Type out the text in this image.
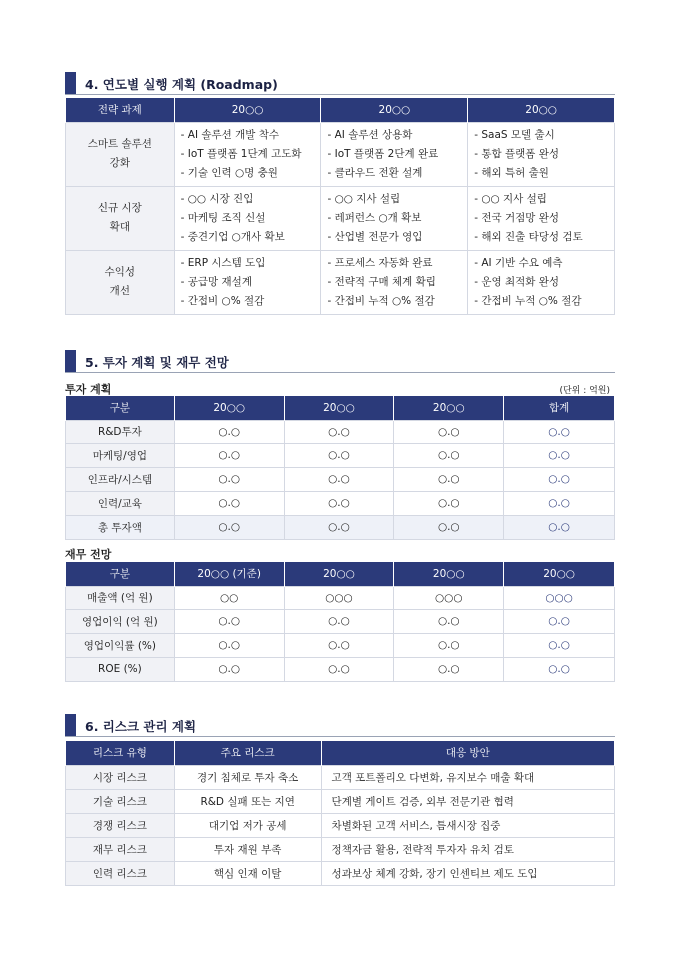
4. 연도별 실행 계획 (Roadmap)
전략 과제	20○○	20○○	20○○

스마트 솔루션
강화	- AI 솔루션 개발 착수
- IoT 플랫폼 1단계 고도화
- 기술 인력 ○명 충원	- AI 솔루션 상용화
- IoT 플랫폼 2단계 완료
- 클라우드 전환 설계	- SaaS 모델 출시
- 통합 플랫폼 완성
- 해외 특허 출원

신규 시장
확대	- ○○ 시장 진입
- 마케팅 조직 신설
- 중견기업 ○개사 확보	- ○○ 지사 설립
- 레퍼런스 ○개 확보
- 산업별 전문가 영입	- ○○ 지사 설립
- 전국 거점망 완성
- 해외 진출 타당성 검토

수익성
개선	- ERP 시스템 도입
- 공급망 재설계
- 간접비 ○% 절감	- 프로세스 자동화 완료
- 전략적 구매 체계 확립
- 간접비 누적 ○% 절감	- AI 기반 수요 예측
- 운영 최적화 완성
- 간접비 누적 ○% 절감
5. 투자 계획 및 재무 전망
투자 계획	(단위 : 억원)
구분	20○○	20○○	20○○	합계
R&D투자	○.○	○.○	○.○	○.○
마케팅/영업	○.○	○.○	○.○	○.○
인프라/시스템	○.○	○.○	○.○	○.○
인력/교육	○.○	○.○	○.○	○.○
총 투자액	○.○	○.○	○.○	○.○
재무 전망
구분	20○○ (기준)	20○○	20○○	20○○
매출액 (억 원)	○○	○○○	○○○	○○○
영업이익 (억 원)	○.○	○.○	○.○	○.○
영업이익률 (%)	○.○	○.○	○.○	○.○
ROE (%)	○.○	○.○	○.○	○.○
6. 리스크 관리 계획
리스크 유형	주요 리스크	대응 방안
시장 리스크	경기 침체로 투자 축소	고객 포트폴리오 다변화, 유지보수 매출 확대
기술 리스크	R&D 실패 또는 지연	단계별 게이트 검증, 외부 전문기관 협력
경쟁 리스크	대기업 저가 공세	차별화된 고객 서비스, 틈새시장 집중
재무 리스크	투자 재원 부족	정책자금 활용, 전략적 투자자 유치 검토
인력 리스크	핵심 인재 이탈	성과보상 체계 강화, 장기 인센티브 제도 도입
